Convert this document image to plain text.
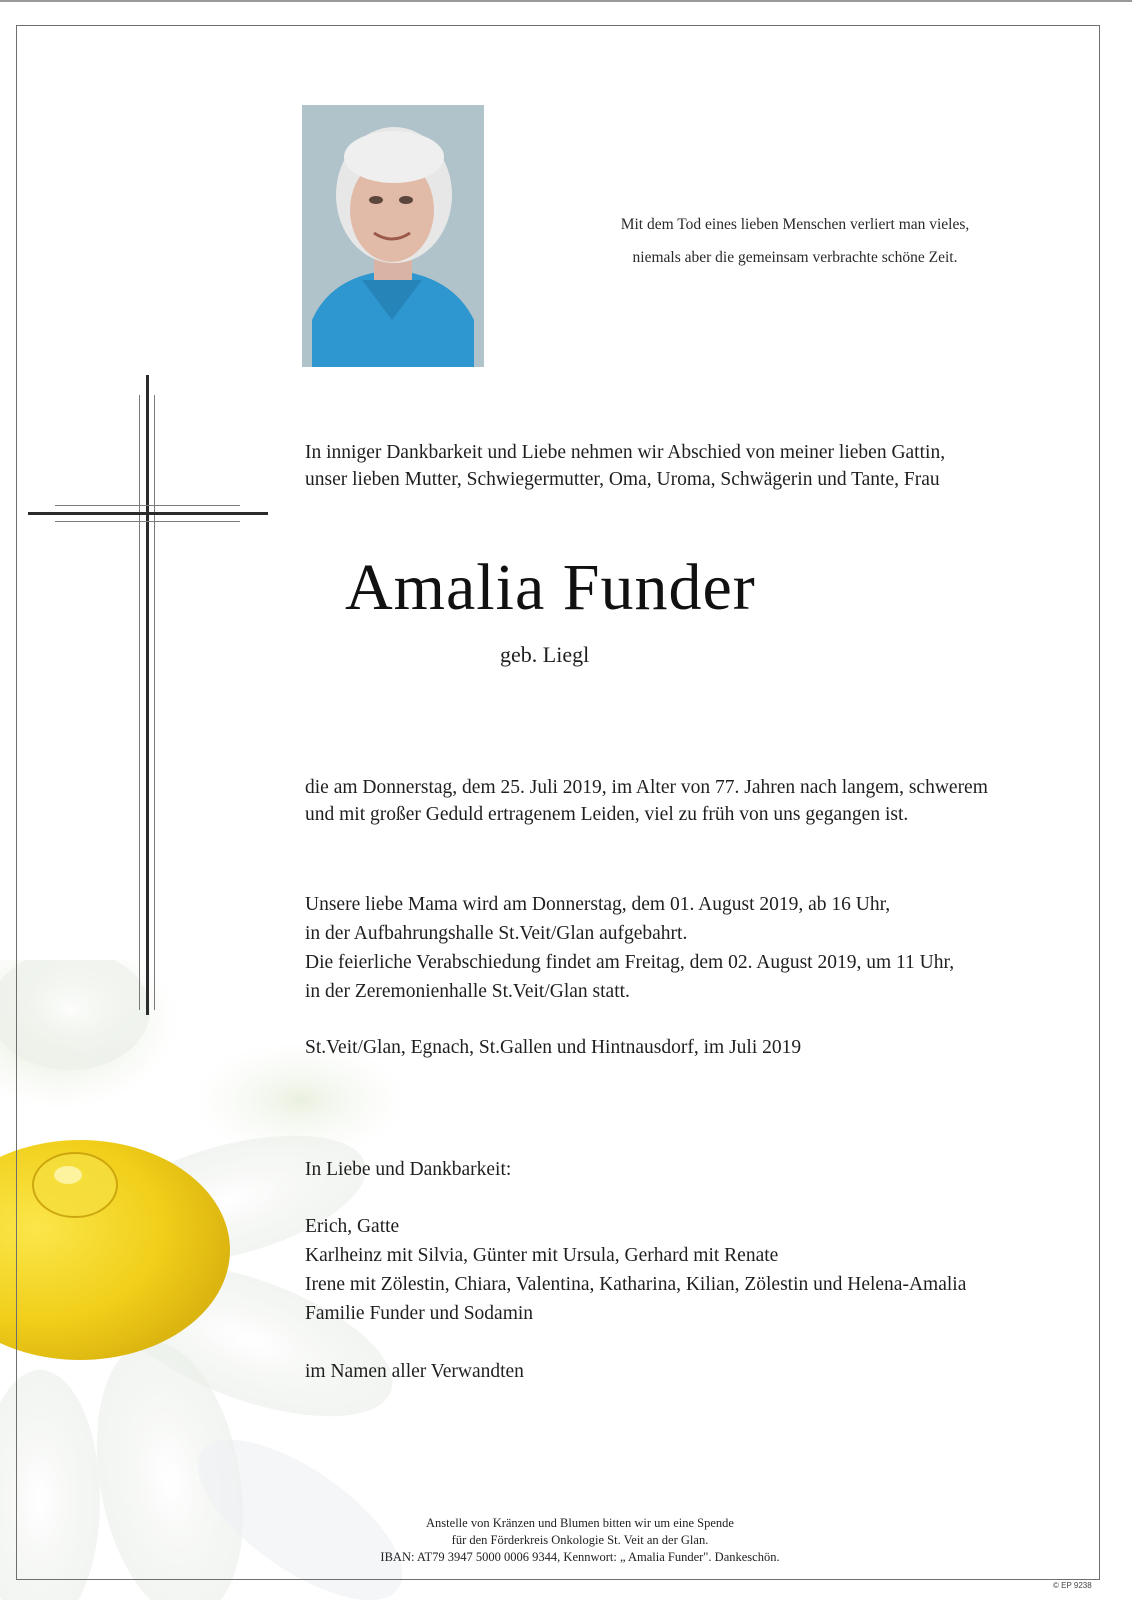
Mit dem Tod eines lieben Menschen verliert man vieles,
niemals aber die gemeinsam verbrachte schöne Zeit.
In inniger Dankbarkeit und Liebe nehmen wir Abschied von meiner lieben Gattin,
unser lieben Mutter, Schwiegermutter, Oma, Uroma, Schwägerin und Tante, Frau
Amalia Funder
geb. Liegl
die am Donnerstag, dem 25. Juli 2019, im Alter von 77. Jahren nach langem, schwerem
und mit großer Geduld ertragenem Leiden, viel zu früh von uns gegangen ist.
Unsere liebe Mama wird am Donnerstag, dem 01. August 2019, ab 16 Uhr,
in der Aufbahrungshalle St.Veit/Glan aufgebahrt.
Die feierliche Verabschiedung findet am Freitag, dem 02. August 2019, um 11 Uhr,
in der Zeremonienhalle St.Veit/Glan statt.
St.Veit/Glan, Egnach, St.Gallen und Hintnausdorf, im Juli 2019
In Liebe und Dankbarkeit:
Erich, Gatte
Karlheinz mit Silvia, Günter mit Ursula, Gerhard mit Renate
Irene mit Zölestin, Chiara, Valentina, Katharina, Kilian, Zölestin und Helena-Amalia
Familie Funder und Sodamin
im Namen aller Verwandten
Anstelle von Kränzen und Blumen bitten wir um eine Spende
für den Förderkreis Onkologie St. Veit an der Glan.
IBAN: AT79 3947 5000 0006 9344, Kennwort: „ Amalia Funder". Dankeschön.
© EP 9238
